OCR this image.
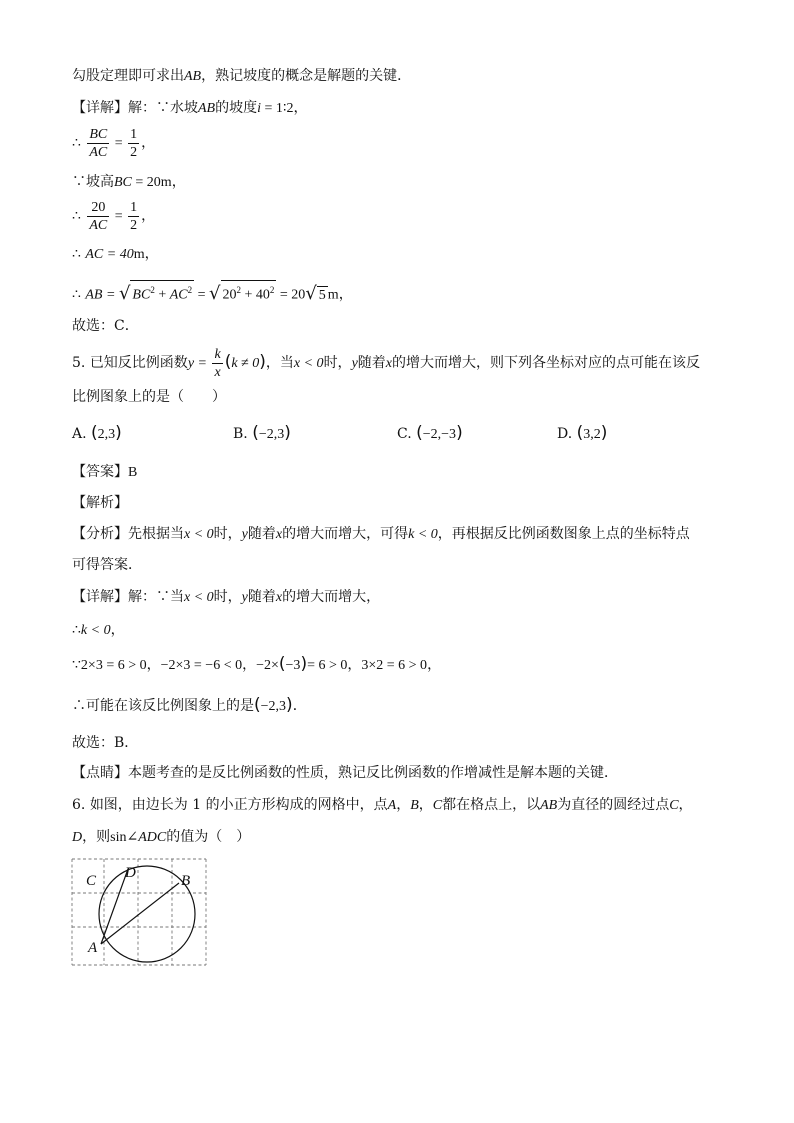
勾股定理即可求出AB，熟记坡度的概念是解题的关键．
【详解】解：∵水坡AB的坡度i = 1∶2，
∴ $\frac{BC}{AC} = \frac{1}{2}$ ，
∵坡高BC = 20m，
∴ $\frac{20}{AC} = \frac{1}{2}$ ，
∴ AC = 40m，
∴ AB = √ $BC^2 + AC^2$ = √ $20^2 + 40^2 = 20√$ 5 m，
故选：C．
5. 已知反比例函数$y = \frac{k}{x} (k \ne 0)$，当x < 0时，y随着x的增大而增大，则下列各坐标对应的点可能在该反
比例图象上的是（　　）
A. (2,3)	B. (−2,3)	C. (−2,−3)	D. (3,2)
【答案】B
【解析】
【分析】先根据当x < 0时，y随着x的增大而增大，可得k < 0，再根据反比例函数图象上点的坐标特点
可得答案．
【详解】解：∵当x < 0时，y随着x的增大而增大，
∴k < 0，
∵2×3 = 6 > 0，−2×3 = −6 < 0，−2×(−3)= 6 > 0，3×2 = 6 > 0，
∴可能在该反比例图象上的是(−2,3)．
故选：B．
【点睛】本题考查的是反比例函数的性质，熟记反比例函数的作增减性是解本题的关键．
6. 如图，由边长为 1 的小正方形构成的网格中，点A，B，C都在格点上，以AB为直径的圆经过点C，
D，则sin∠ADC的值为（　）
C D	B
A
